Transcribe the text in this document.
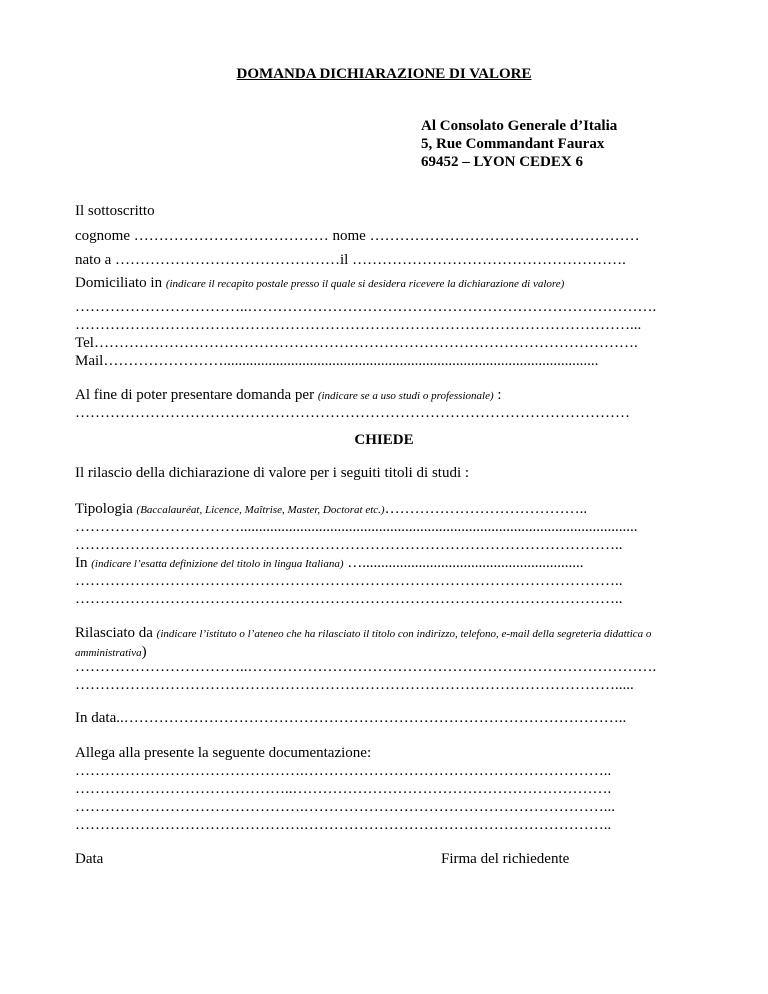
DOMANDA DICHIARAZIONE DI VALORE
Al Consolato Generale d’Italia
5, Rue Commandant Faurax
69452 – LYON CEDEX 6
Il sottoscritto
cognome ………………………………… nome ………………………………………………
nato a ………………………………………il ……………………………………………….
Domiciliato in (indicare il recapito postale presso il quale si desidera ricevere la dichiarazione di valore)
……………………………..……………………………………………………………………….
…………………………………………………………………………………………………...
Tel……………………………………………………………………………………………….
Mail……………………....................................................................................................
Al fine di poter presentare domanda per (indicare se a uso studi o professionale) :
…………………………………………………………………………………………………
CHIEDE
Il rilascio della dichiarazione di valore per i seguiti titoli di studi :
Tipologia (Baccalauréat, Licence, Maîtrise, Master, Doctorat etc.)…………………………………..
……………………………..........................................................................................................
………………………………………………………………………………………………..
In (indicare l’esatta definizione del titolo in lingua Italiana) …...........................................................
………………………………………………………………………………………………..
………………………………………………………………………………………………..
Rilasciato da (indicare l’istituto o l’ateneo che ha rilasciato il titolo con indirizzo, telefono, e-mail della segreteria didattica o amministrativa)
……………………………..……………………………………………………………………….
……………………………………………………………………………………………….....
In data..………………………………………………………………………………………..
Allega alla presente la seguente documentazione:
……………………………………….……………………………………………………..
……………………………………..……………………………………………………….
……………………………………….……………………………………………………...
……………………………………….……………………………………………………..
Data	Firma del richiedente
